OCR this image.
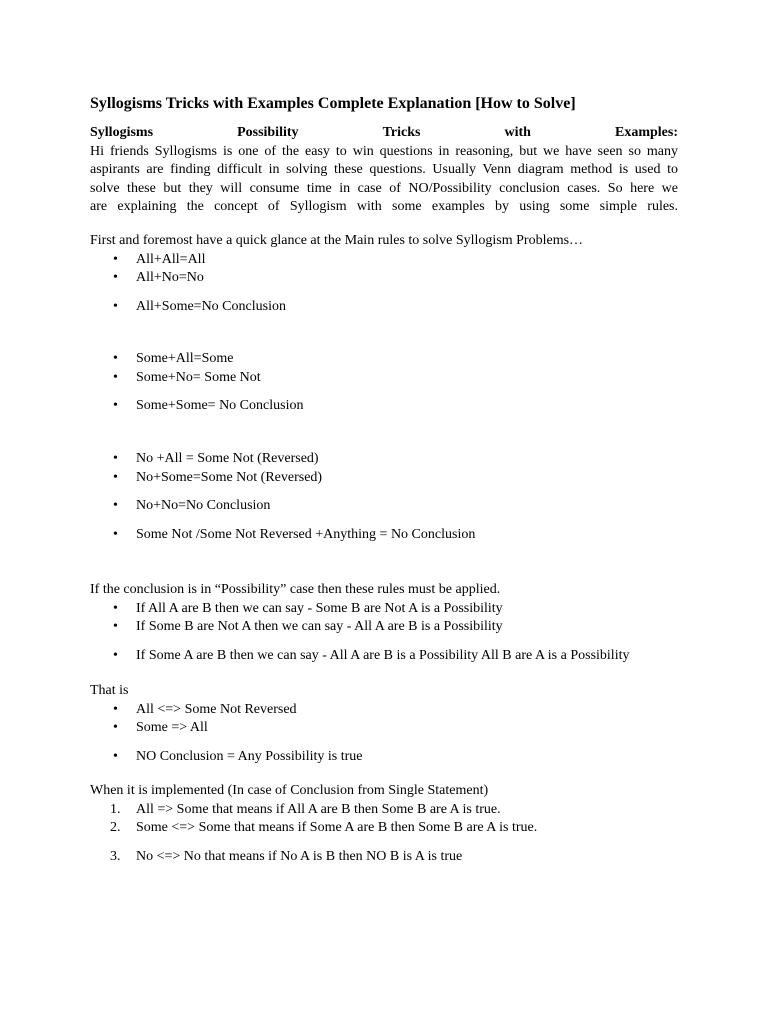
Syllogisms Tricks with Examples Complete Explanation [How to Solve]
Syllogisms	Possibility	Tricks	with	Examples:

Hi friends Syllogisms is one of the easy to win questions in reasoning, but we have seen so many

aspirants are finding difficult in solving these questions. Usually Venn diagram method is used to

solve these but they will consume time in case of NO/Possibility conclusion cases. So here we

are explaining the concept of Syllogism with some examples by using some simple rules.

First and foremost have a quick glance at the Main rules to solve Syllogism Problems…

• All+All=All
• All+No=No
• All+Some=No Conclusion
• Some+All=Some
• Some+No= Some Not
• Some+Some= No Conclusion
• No +All = Some Not (Reversed)
• No+Some=Some Not (Reversed)
• No+No=No Conclusion
• Some Not /Some Not Reversed +Anything = No Conclusion

If the conclusion is in “Possibility” case then these rules must be applied.

• If All A are B then we can say - Some B are Not A is a Possibility
• If Some B are Not A then we can say - All A are B is a Possibility
• If Some A are B then we can say - All A are B is a Possibility All B are A is a Possibility

That is

• All <=> Some Not Reversed
• Some => All
• NO Conclusion = Any Possibility is true

When it is implemented (In case of Conclusion from Single Statement)

1. All => Some that means if All A are B then Some B are A is true.
2. Some <=> Some that means if Some A are B then Some B are A is true.
3. No <=> No that means if No A is B then NO B is A is true
